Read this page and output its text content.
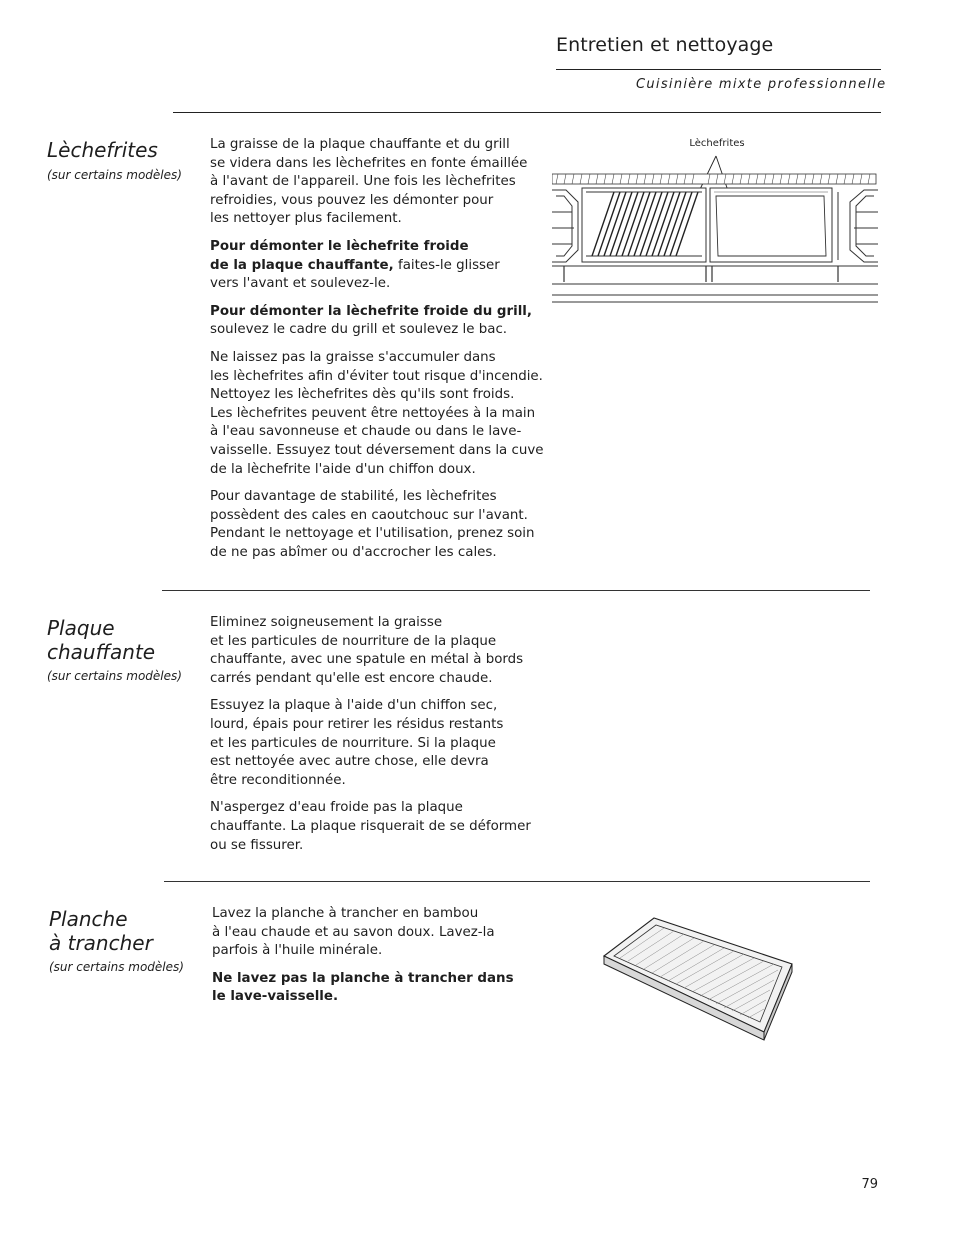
Entretien et nettoyage
Cuisinière mixte professionnelle
Lèchefrites
(sur certains modèles)

La graisse de la plaque chauffante et du grill
se videra dans les lèchefrites en fonte émaillée
à l'avant de l'appareil. Une fois les lèchefrites
refroidies, vous pouvez les démonter pour
les nettoyer plus facilement.

Pour démonter le lèchefrite froide
de la plaque chauffante, faites-le glisser
vers l'avant et soulevez-le.

Pour démonter la lèchefrite froide du grill,
soulevez le cadre du grill et soulevez le bac.

Ne laissez pas la graisse s'accumuler dans
les lèchefrites afin d'éviter tout risque d'incendie.
Nettoyez les lèchefrites dès qu'ils sont froids.
Les lèchefrites peuvent être nettoyées à la main
à l'eau savonneuse et chaude ou dans le lave-
vaisselle. Essuyez tout déversement dans la cuve
de la lèchefrite l'aide d'un chiffon doux.

Pour davantage de stabilité, les lèchefrites
possèdent des cales en caoutchouc sur l'avant.
Pendant le nettoyage et l'utilisation, prenez soin
de ne pas abîmer ou d'accrocher les cales.

Lèchefrites
Plaque
chauffante
(sur certains modèles)

Eliminez soigneusement la graisse
et les particules de nourriture de la plaque
chauffante, avec une spatule en métal à bords
carrés pendant qu'elle est encore chaude.

Essuyez la plaque à l'aide d'un chiffon sec,
lourd, épais pour retirer les résidus restants
et les particules de nourriture. Si la plaque
est nettoyée avec autre chose, elle devra
être reconditionnée.

N'aspergez d'eau froide pas la plaque
chauffante. La plaque risquerait de se déformer
ou se fissurer.

Planche
à trancher
(sur certains modèles)

Lavez la planche à trancher en bambou
à l'eau chaude et au savon doux. Lavez-la
parfois à l'huile minérale.

Ne lavez pas la planche à trancher dans
le lave-vaisselle.

79
